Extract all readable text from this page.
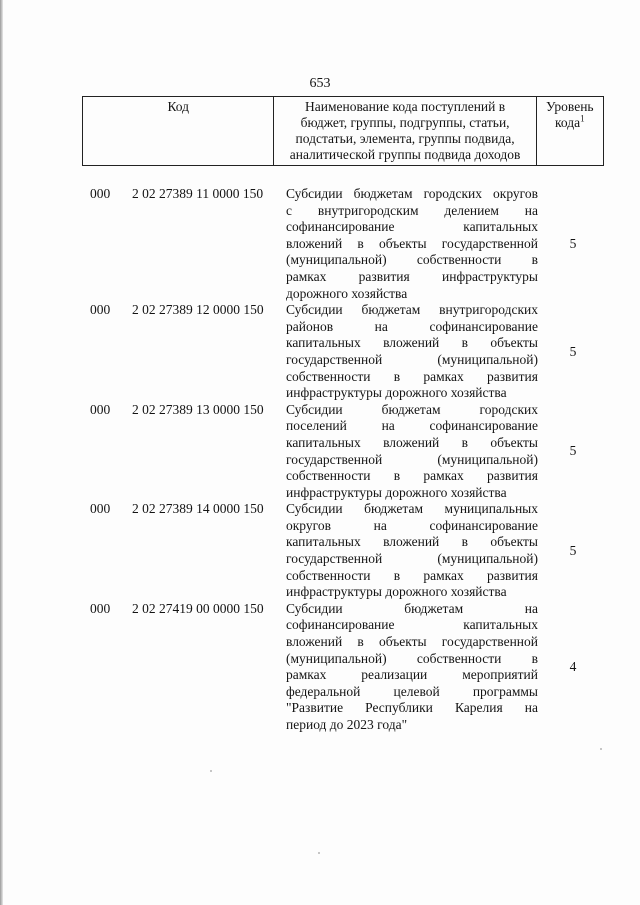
653
Код	Наименование кода поступлений в
бюджет, группы, подгруппы, статьи,
подстатьи, элемента, группы подвида,
аналитической группы подвида доходов

Уровень
кода$^1$
000	2 02 27389 11 0000 150	Субсидии бюджетам городских округов
с внутригородским делением на
софинансирование капитальных
вложений в объекты государственной
(муниципальной) собственности в
рамках развития инфраструктуры
дорожного хозяйства
5
000	2 02 27389 12 0000 150	Субсидии бюджетам внутригородских
районов на софинансирование
капитальных вложений в объекты
государственной (муниципальной)
собственности в рамках развития
инфраструктуры дорожного хозяйства
5
000	2 02 27389 13 0000 150	Субсидии бюджетам городских
поселений на софинансирование
капитальных вложений в объекты
государственной (муниципальной)
собственности в рамках развития
инфраструктуры дорожного хозяйства
5
000	2 02 27389 14 0000 150	Субсидии бюджетам муниципальных
округов на софинансирование
капитальных вложений в объекты
государственной (муниципальной)
собственности в рамках развития
инфраструктуры дорожного хозяйства
5
000	2 02 27419 00 0000 150	Субсидии бюджетам на
софинансирование капитальных
вложений в объекты государственной
(муниципальной) собственности в
рамках реализации мероприятий
федеральной целевой программы
"Развитие Республики Карелия на
период до 2023 года"
4
